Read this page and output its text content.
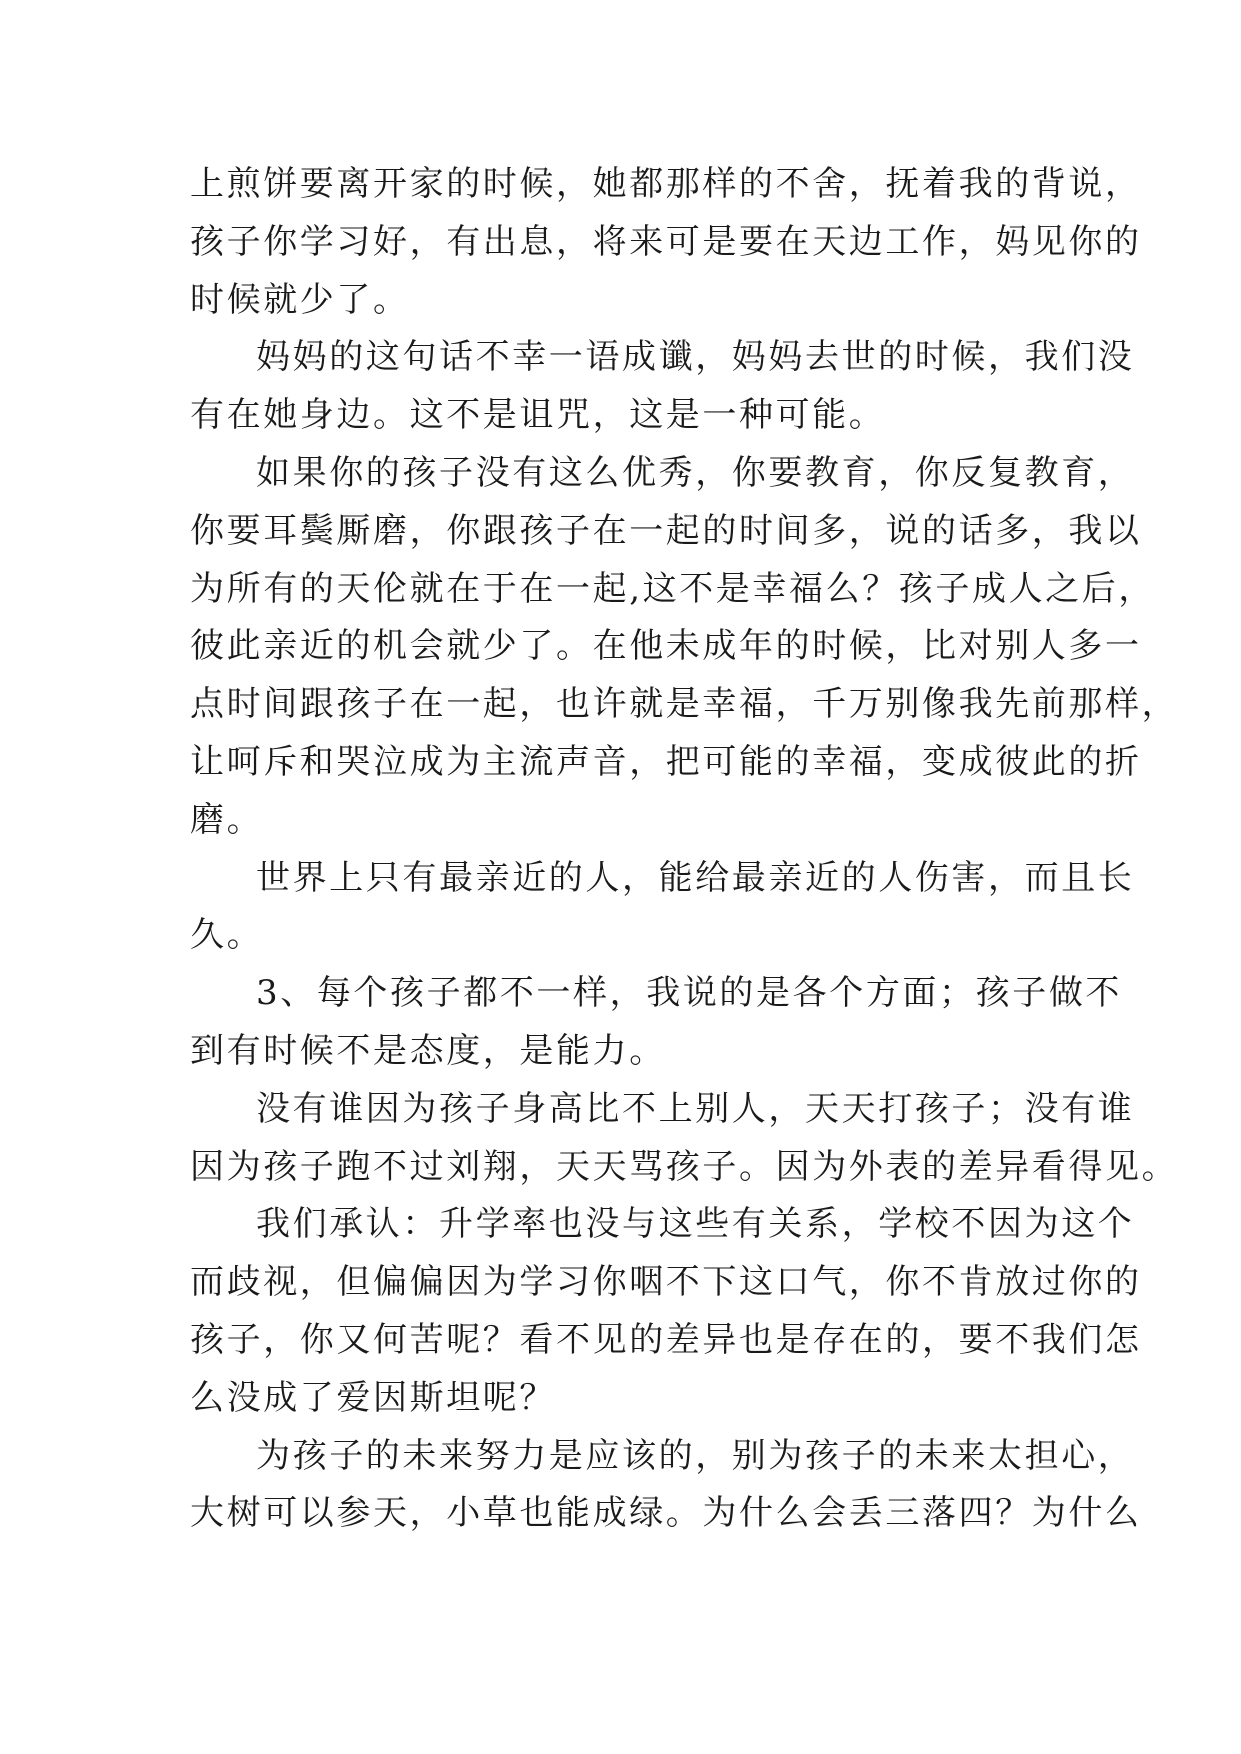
上煎饼要离开家的时候，她都那样的不舍，抚着我的背说，
孩子你学习好，有出息，将来可是要在天边工作，妈见你的
时候就少了。
妈妈的这句话不幸一语成谶，妈妈去世的时候，我们没
有在她身边。这不是诅咒，这是一种可能。
如果你的孩子没有这么优秀，你要教育，你反复教育，
你要耳鬓厮磨，你跟孩子在一起的时间多，说的话多，我以
为所有的天伦就在于在一起,这不是幸福么？孩子成人之后，
彼此亲近的机会就少了。在他未成年的时候，比对别人多一
点时间跟孩子在一起，也许就是幸福，千万别像我先前那样，
让呵斥和哭泣成为主流声音，把可能的幸福，变成彼此的折
磨。
世界上只有最亲近的人，能给最亲近的人伤害，而且长
久。
3、每个孩子都不一样，我说的是各个方面；孩子做不
到有时候不是态度，是能力。
没有谁因为孩子身高比不上别人，天天打孩子；没有谁
因为孩子跑不过刘翔，天天骂孩子。因为外表的差异看得见。
我们承认：升学率也没与这些有关系，学校不因为这个
而歧视，但偏偏因为学习你咽不下这口气，你不肯放过你的
孩子，你又何苦呢？看不见的差异也是存在的，要不我们怎
么没成了爱因斯坦呢？
为孩子的未来努力是应该的，别为孩子的未来太担心，
大树可以参天，小草也能成绿。为什么会丢三落四？为什么
